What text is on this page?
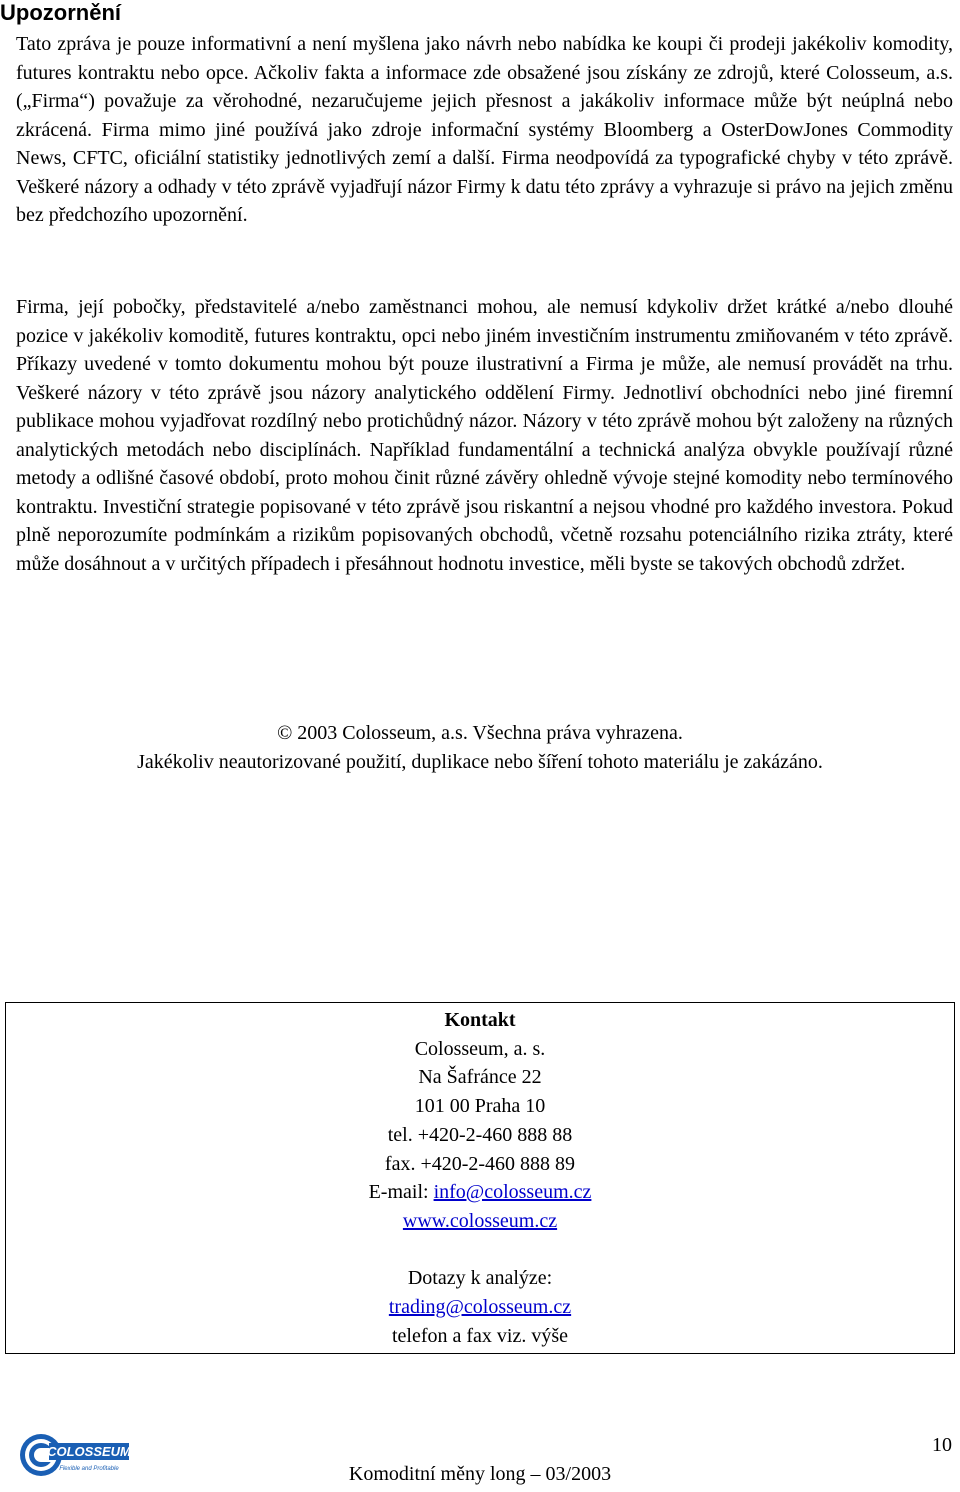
Upozornění

Tato zpráva je pouze informativní a není myšlena jako návrh nebo nabídka ke koupi či prodeji jakékoliv komodity, futures kontraktu nebo opce. Ačkoliv fakta a informace zde obsažené jsou získány ze zdrojů, které Colosseum, a.s. („Firma“) považuje za věrohodné, nezaručujeme jejich přesnost a jakákoliv informace může být neúplná nebo zkrácená. Firma mimo jiné používá jako zdroje informační systémy Bloomberg a OsterDowJones Commodity News, CFTC, oficiální statistiky jednotlivých zemí a další. Firma neodpovídá za typografické chyby v této zprávě. Veškeré názory a odhady v této zprávě vyjadřují názor Firmy k datu této zprávy a vyhrazuje si právo na jejich změnu bez předchozího upozornění.

Firma, její pobočky, představitelé a/nebo zaměstnanci mohou, ale nemusí kdykoliv držet krátké a/nebo dlouhé pozice v jakékoliv komoditě, futures kontraktu, opci nebo jiném investičním instrumentu zmiňovaném v této zprávě. Příkazy uvedené v tomto dokumentu mohou být pouze ilustrativní a Firma je může, ale nemusí provádět na trhu. Veškeré názory v této zprávě jsou názory analytického oddělení Firmy. Jednotliví obchodníci nebo jiné firemní publikace mohou vyjadřovat rozdílný nebo protichůdný názor. Názory v této zprávě mohou být založeny na různých analytických metodách nebo disciplínách. Například fundamentální a technická analýza obvykle používají různé metody a odlišné časové období, proto mohou činit různé závěry ohledně vývoje stejné komodity nebo termínového kontraktu. Investiční strategie popisované v této zprávě jsou riskantní a nejsou vhodné pro každého investora. Pokud plně neporozumíte podmínkám a rizikům popisovaných obchodů, včetně rozsahu potenciálního rizika ztráty, které může dosáhnout a v určitých případech i přesáhnout hodnotu investice, měli byste se takových obchodů zdržet.

© 2003 Colosseum, a.s. Všechna práva vyhrazena.
Jakékoliv neautorizované použití, duplikace nebo šíření tohoto materiálu je zakázáno.
Kontakt
Colosseum, a. s.
Na Šafránce 22
101 00 Praha 10
tel. +420-2-460 888 88
fax. +420-2-460 888 89
E-mail: info@colosseum.cz
www.colosseum.cz
Dotazy k analýze:
trading@colosseum.cz
telefon a fax viz. výše
COLOSSEUM
Flexible and Profitable	Komoditní měny long – 03/2003
10
